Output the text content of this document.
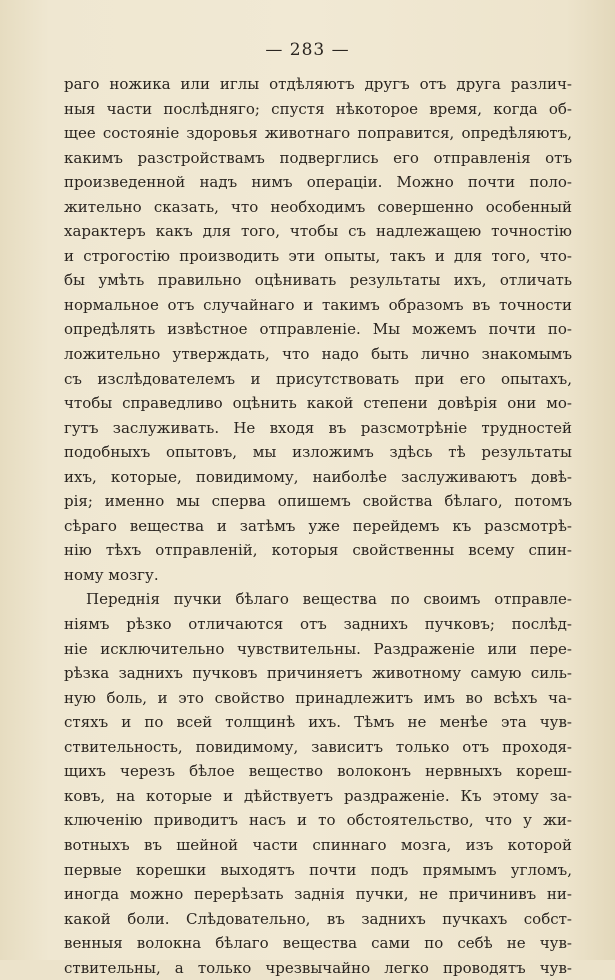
— 283 —

раго ножика или иглы отдѣляютъ другъ отъ друга различ-
ныя части послѣдняго; спустя нѣкоторое время, когда об-
щее состояніе здоровья животнаго поправится, опредѣляютъ,
какимъ разстройствамъ подверглись его отправленія отъ
произведенной надъ нимъ операціи. Можно почти поло-
жительно сказать, что необходимъ совершенно особенный
характеръ какъ для того, чтобы съ надлежащею точностію
и строгостію производить эти опыты, такъ и для того, что-
бы умѣть правильно оцѣнивать результаты ихъ, отличать
нормальное отъ случайнаго и такимъ образомъ въ точности
опредѣлять извѣстное отправленіе. Мы можемъ почти по-
ложительно утверждать, что надо быть лично знакомымъ
съ изслѣдователемъ и присутствовать при его опытахъ,
чтобы справедливо оцѣнить какой степени довѣрія они мо-
гутъ заслуживать. Не входя въ разсмотрѣніе трудностей
подобныхъ опытовъ, мы изложимъ здѣсь тѣ результаты
ихъ, которые, повидимому, наиболѣе заслуживаютъ довѣ-
рія; именно мы сперва опишемъ свойства бѣлаго, потомъ
сѣраго вещества и затѣмъ уже перейдемъ къ разсмотрѣ-
нію тѣхъ отправленій, которыя свойственны всему спин-
ному мозгу.
Переднія пучки бѣлаго вещества по своимъ отправле-
ніямъ рѣзко отличаются отъ заднихъ пучковъ; послѣд-
ніе исключительно чувствительны. Раздраженіе или пере-
рѣзка заднихъ пучковъ причиняетъ животному самую силь-
ную боль, и это свойство принадлежитъ имъ во всѣхъ ча-
стяхъ и по всей толщинѣ ихъ. Тѣмъ не менѣе эта чув-
ствительность, повидимому, зависитъ только отъ проходя-
щихъ черезъ бѣлое вещество волоконъ нервныхъ кореш-
ковъ, на которые и дѣйствуетъ раздраженіе. Къ этому за-
ключенію приводитъ насъ и то обстоятельство, что у жи-
вотныхъ въ шейной части спиннаго мозга, изъ которой
первые корешки выходятъ почти подъ прямымъ угломъ,
иногда можно перерѣзать заднія пучки, не причинивъ ни-
какой боли. Слѣдовательно, въ заднихъ пучкахъ собст-
венныя волокна бѣлаго вещества сами по себѣ не чув-
ствительны, а только чрезвычайно легко проводятъ чув-
